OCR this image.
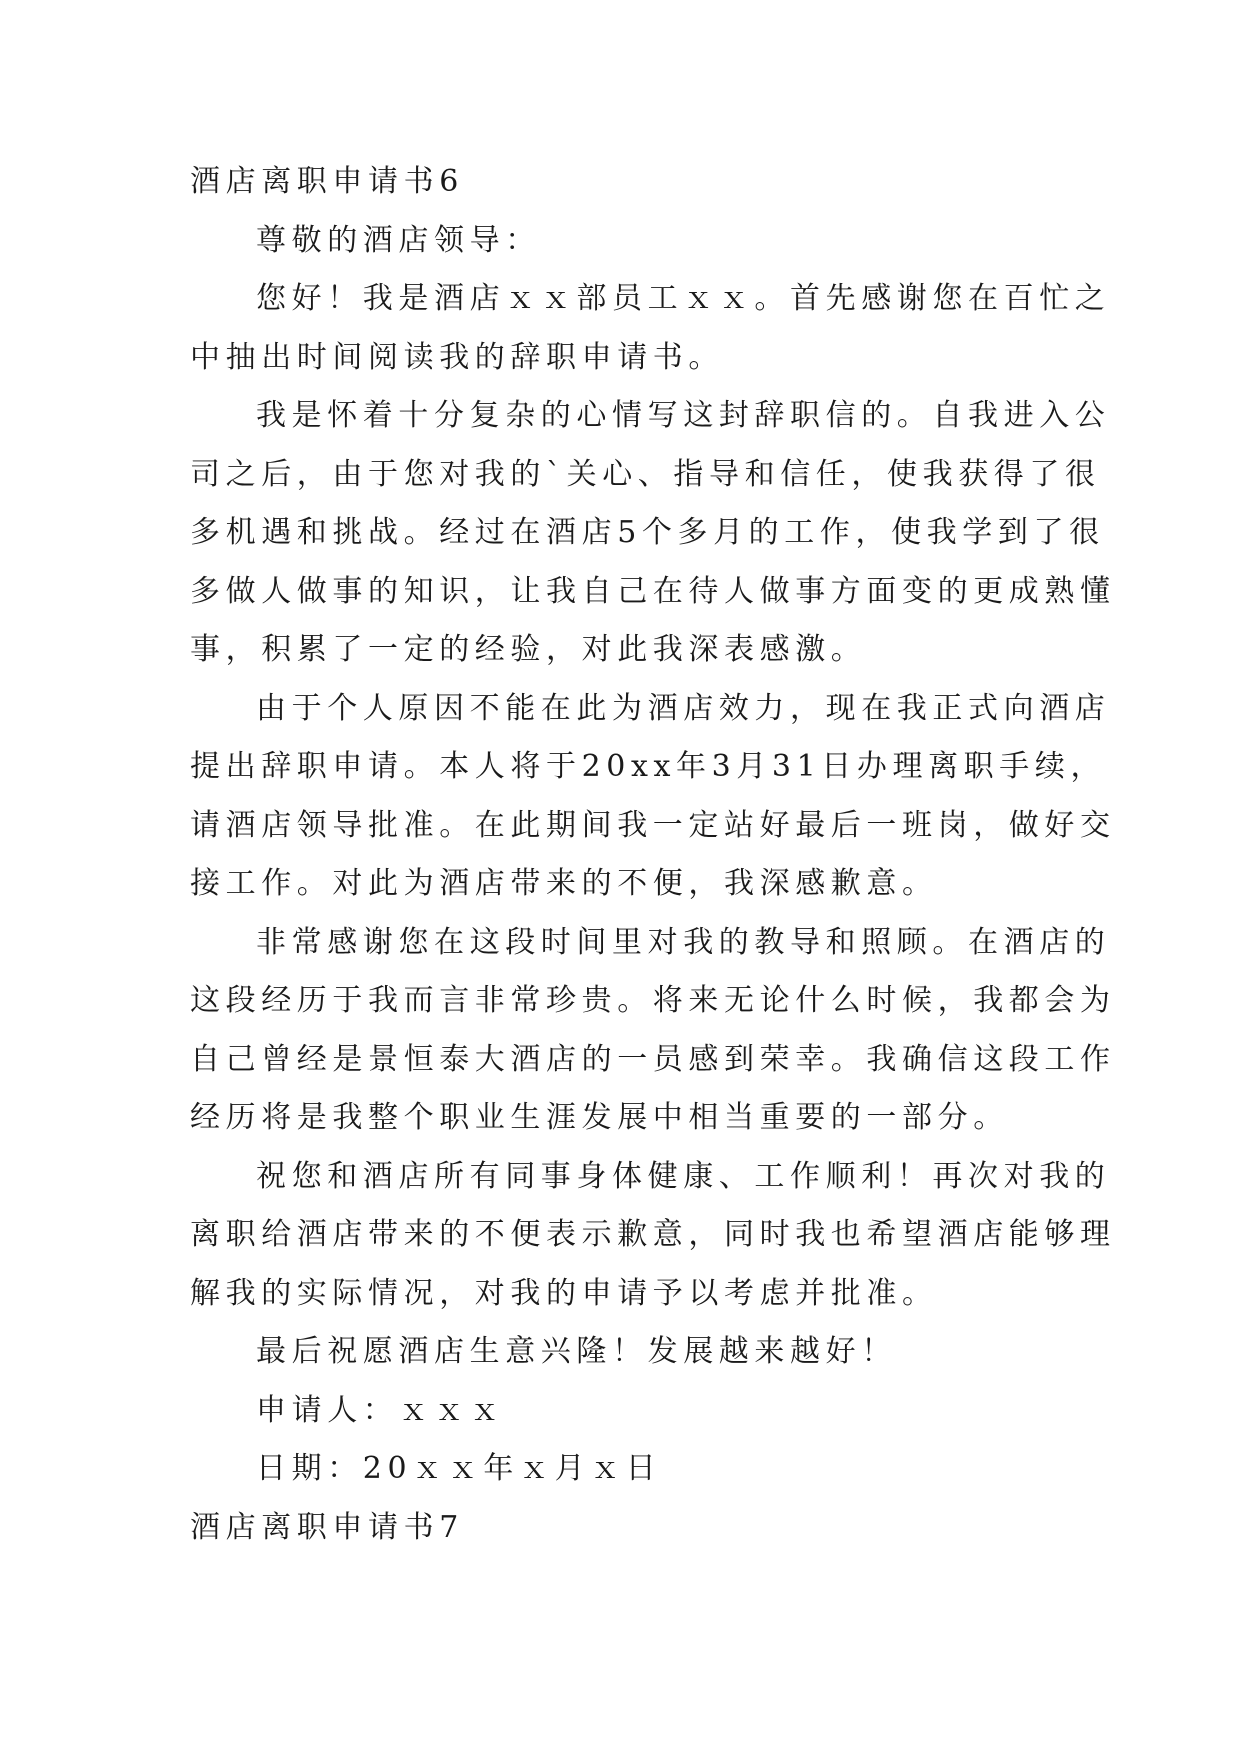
酒店离职申请书6
尊敬的酒店领导：
您好！我是酒店ｘｘ部员工ｘｘ。首先感谢您在百忙之
中抽出时间阅读我的辞职申请书。
我是怀着十分复杂的心情写这封辞职信的。自我进入公
司之后，由于您对我的`关心、指导和信任，使我获得了很
多机遇和挑战。经过在酒店5个多月的工作，使我学到了很
多做人做事的知识，让我自己在待人做事方面变的更成熟懂
事，积累了一定的经验，对此我深表感激。
由于个人原因不能在此为酒店效力，现在我正式向酒店
提出辞职申请。本人将于20xx年3月31日办理离职手续，
请酒店领导批准。在此期间我一定站好最后一班岗，做好交
接工作。对此为酒店带来的不便，我深感歉意。
非常感谢您在这段时间里对我的教导和照顾。在酒店的
这段经历于我而言非常珍贵。将来无论什么时候，我都会为
自己曾经是景恒泰大酒店的一员感到荣幸。我确信这段工作
经历将是我整个职业生涯发展中相当重要的一部分。
祝您和酒店所有同事身体健康、工作顺利！再次对我的
离职给酒店带来的不便表示歉意，同时我也希望酒店能够理
解我的实际情况，对我的申请予以考虑并批准。
最后祝愿酒店生意兴隆！发展越来越好！
申请人：ｘｘｘ
日期：20ｘｘ年ｘ月ｘ日
酒店离职申请书7
